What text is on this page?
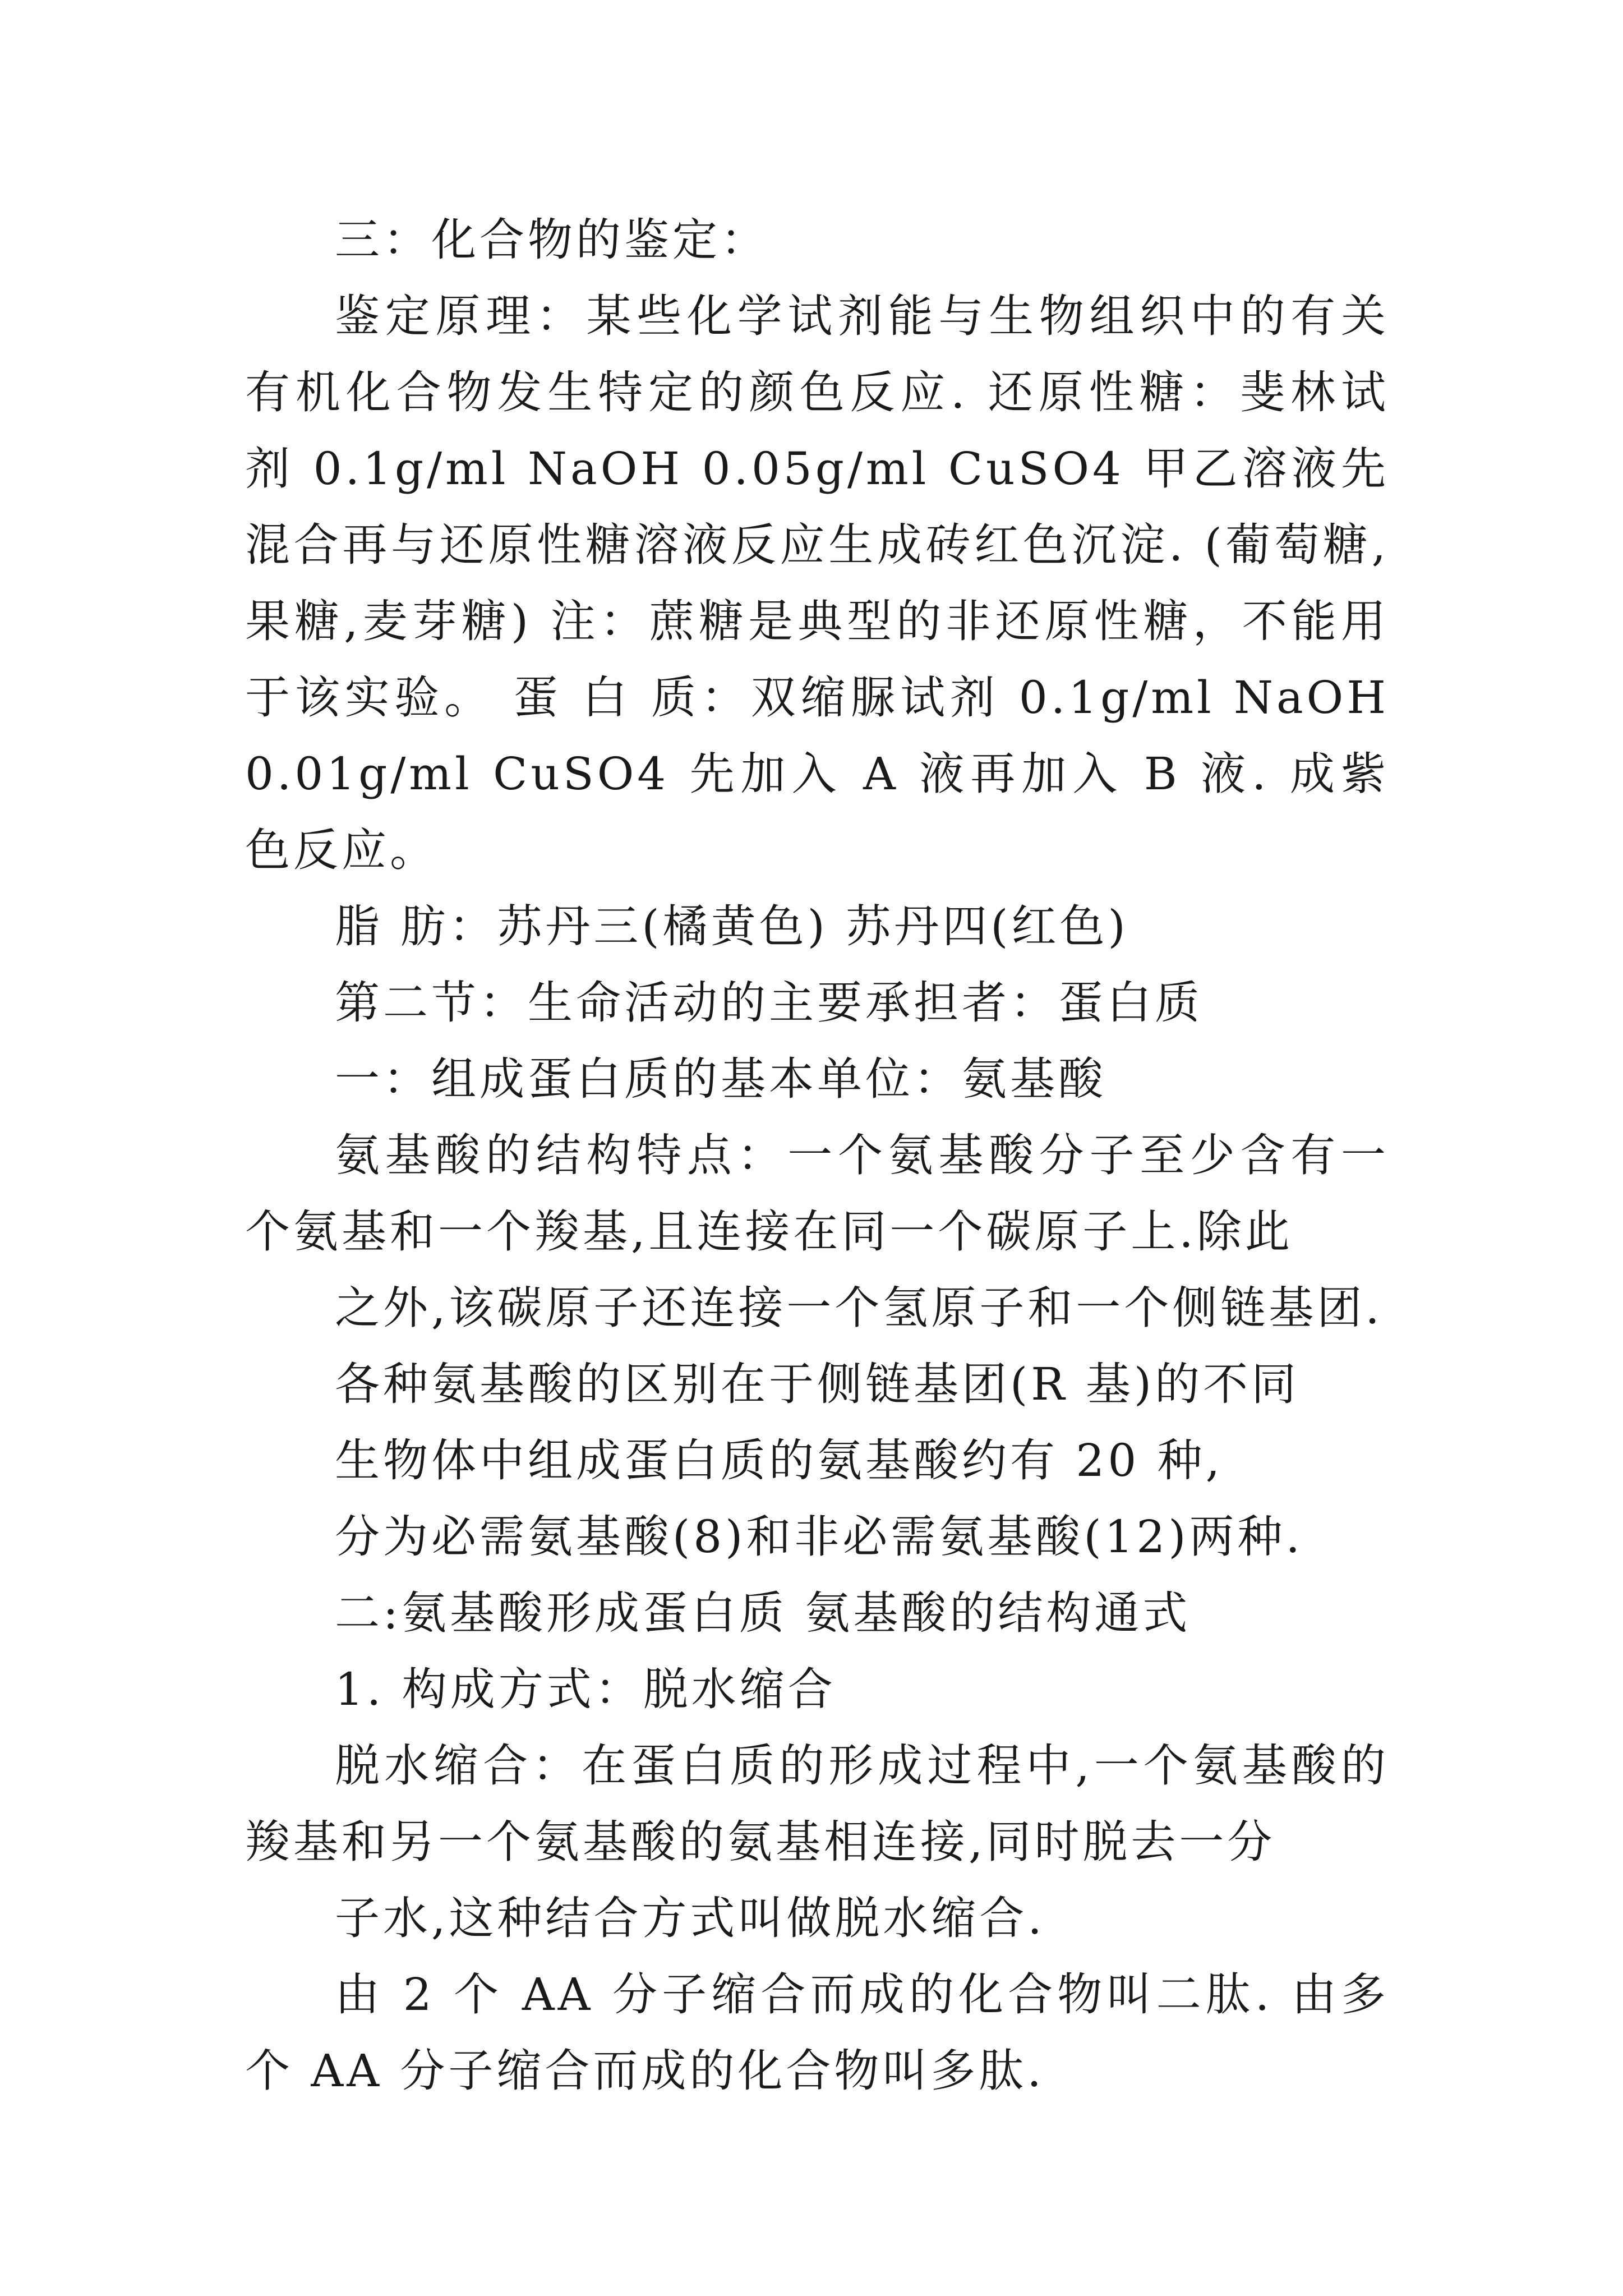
三：化合物的鉴定：

鉴定原理：某些化学试剂能与生物组织中的有关有机化合物发生特定的颜色反应. 还原性糖：斐林试剂 0.1g/ml NaOH 0.05g/ml CuSO4 甲乙溶液先混合再与还原性糖溶液反应生成砖红色沉淀. (葡萄糖,果糖,麦芽糖) 注：蔗糖是典型的非还原性糖，不能用于该实验。 蛋 白 质：双缩脲试剂 0.1g/ml NaOH 0.01g/ml CuSO4 先加入 A 液再加入 B 液. 成紫色反应。

脂 肪：苏丹三(橘黄色) 苏丹四(红色)

第二节：生命活动的主要承担者：蛋白质

一：组成蛋白质的基本单位：氨基酸

氨基酸的结构特点：一个氨基酸分子至少含有一个氨基和一个羧基,且连接在同一个碳原子上.除此

之外,该碳原子还连接一个氢原子和一个侧链基团.

各种氨基酸的区别在于侧链基团(R 基)的不同

生物体中组成蛋白质的氨基酸约有 20 种,

分为必需氨基酸(8)和非必需氨基酸(12)两种.

二:氨基酸形成蛋白质 氨基酸的结构通式

1. 构成方式：脱水缩合

脱水缩合：在蛋白质的形成过程中,一个氨基酸的羧基和另一个氨基酸的氨基相连接,同时脱去一分

子水,这种结合方式叫做脱水缩合.

由 2 个 AA 分子缩合而成的化合物叫二肽. 由多个 AA 分子缩合而成的化合物叫多肽.
